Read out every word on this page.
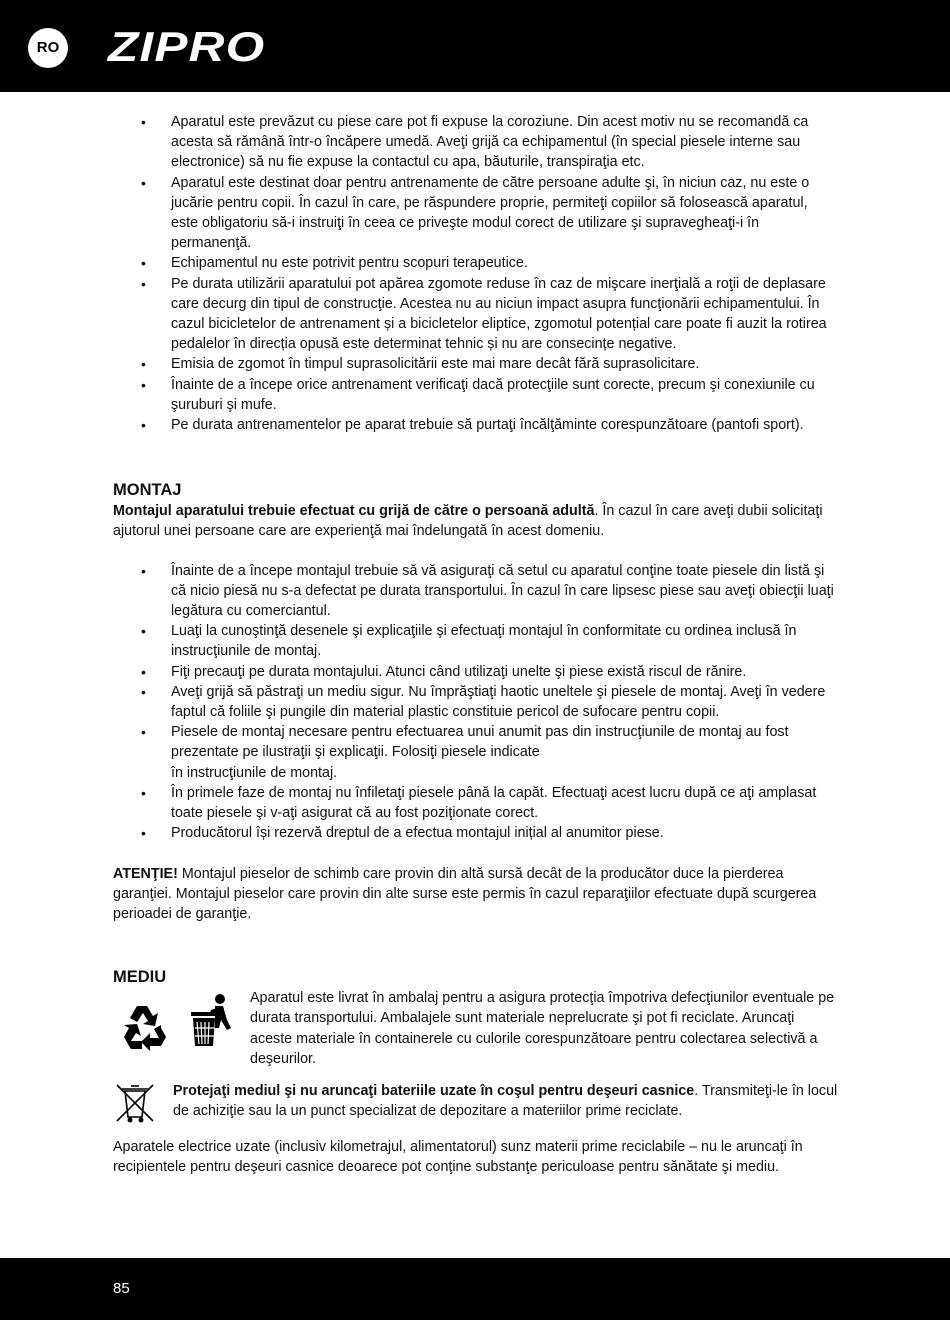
RO ZIPRO
• Aparatul este prevăzut cu piese care pot fi expuse la coroziune. Din acest motiv nu se recomandă ca acesta să rămână într-o încăpere umedă. Aveţi grijă ca echipamentul (în special piesele interne sau electronice) să nu fie expuse la contactul cu apa, băuturile, transpiraţia etc.
• Aparatul este destinat doar pentru antrenamente de către persoane adulte şi, în niciun caz, nu este o jucărie pentru copii. În cazul în care, pe răspundere proprie, permiteţi copiilor să folosească aparatul, este obligatoriu să-i instruiţi în ceea ce priveşte modul corect de utilizare şi supravegheaţi-i în permanenţă.
• Echipamentul nu este potrivit pentru scopuri terapeutice.
• Pe durata utilizării aparatului pot apărea zgomote reduse în caz de mişcare inerţială a roţii de deplasare care decurg din tipul de construcţie. Acestea nu au niciun impact asupra funcţionării echipamentului. În cazul bicicletelor de antrenament și a bicicletelor eliptice, zgomotul potențial care poate fi auzit la rotirea pedalelor în direcția opusă este determinat tehnic și nu are consecințe negative.
• Emisia de zgomot în timpul suprasolicitării este mai mare decât fără suprasolicitare.
• Înainte de a începe orice antrenament verificaţi dacă protecţiile sunt corecte, precum şi conexiunile cu şuruburi şi mufe.
• Pe durata antrenamentelor pe aparat trebuie să purtaţi încălţăminte corespunzătoare (pantofi sport).
MONTAJ

Montajul aparatului trebuie efectuat cu grijă de către o persoană adultă. În cazul în care aveţi dubii solicitaţi ajutorul unei persoane care are experienţă mai îndelungată în acest domeniu.

• Înainte de a începe montajul trebuie să vă asiguraţi că setul cu aparatul conţine toate piesele din listă şi că nicio piesă nu s-a defectat pe durata transportului. În cazul în care lipsesc piese sau aveţi obiecţii luaţi legătura cu comerciantul.
• Luaţi la cunoştinţă desenele şi explicaţiile şi efectuaţi montajul în conformitate cu ordinea inclusă în instrucţiunile de montaj.
• Fiţi precauţi pe durata montajului. Atunci când utilizaţi unelte şi piese există riscul de rănire.
• Aveţi grijă să păstraţi un mediu sigur. Nu împrăştiaţi haotic uneltele şi piesele de montaj. Aveţi în vedere faptul că foliile şi pungile din material plastic constituie pericol de sufocare pentru copii.
• Piesele de montaj necesare pentru efectuarea unui anumit pas din instrucţiunile de montaj au fost prezentate pe ilustraţii şi explicaţii. Folosiţi piesele indicate
în instrucţiunile de montaj.
• În primele faze de montaj nu înfiletaţi piesele până la capăt. Efectuaţi acest lucru după ce aţi amplasat toate piesele şi v-aţi asigurat că au fost poziţionate corect.
• Producătorul își rezervă dreptul de a efectua montajul inițial al anumitor piese.

ATENŢIE! Montajul pieselor de schimb care provin din altă sursă decât de la producător duce la pierderea garanţiei. Montajul pieselor care provin din alte surse este permis în cazul reparaţiilor efectuate după scurgerea perioadei de garanţie.

MEDIU

Aparatul este livrat în ambalaj pentru a asigura protecţia împotriva defecţiunilor eventuale pe durata transportului. Ambalajele sunt materiale neprelucrate şi pot fi reciclate. Aruncaţi aceste materiale în containerele cu culorile corespunzătoare pentru colectarea selectivă a deşeurilor.

Protejaţi mediul şi nu aruncaţi bateriile uzate în coşul pentru deşeuri casnice. Transmiteţi-le în locul de achiziţie sau la un punct specializat de depozitare a materiilor prime reciclate.

Aparatele electrice uzate (inclusiv kilometrajul, alimentatorul) sunz materii prime reciclabile – nu le aruncaţi în recipientele pentru deşeuri casnice deoarece pot conţine substanţe periculoase pentru sănătate şi mediu.

85
